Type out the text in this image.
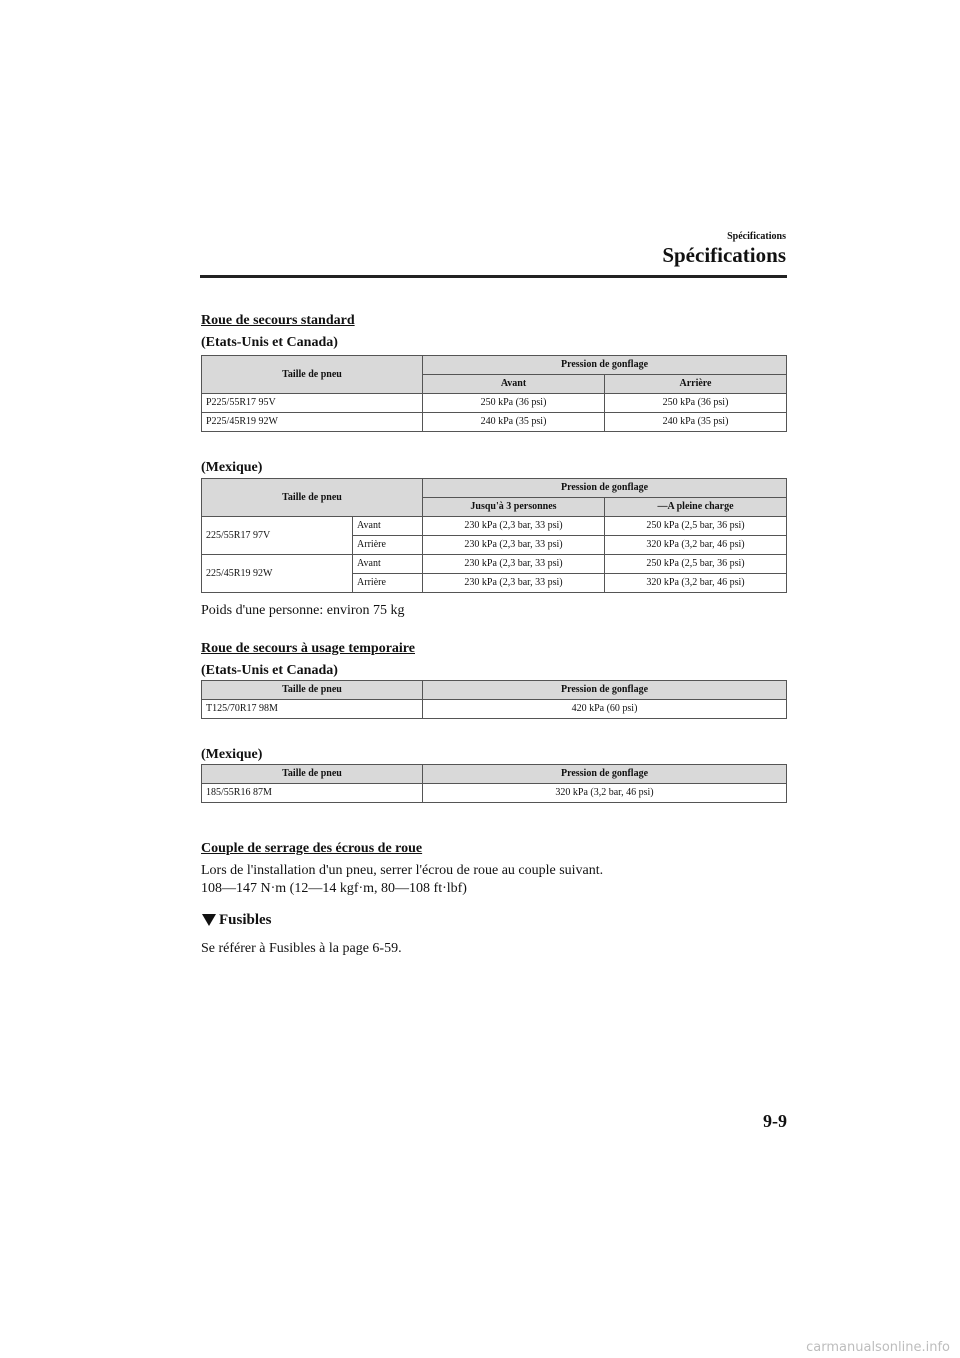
Spécifications
Spécifications

Roue de secours standard

(Etats-Unis et Canada)

Taille de pneu	Pression de gonflage	
	Avant	Arrière
P225/55R17 95V	250 kPa (36 psi)	250 kPa (36 psi)
P225/45R19 92W	240 kPa (35 psi)	240 kPa (35 psi)

(Mexique)

Taille de pneu		Pression de gonflage	
		Jusqu'à 3 personnes	—A pleine charge
225/55R17 97V	Avant	230 kPa (2,3 bar, 33 psi)	250 kPa (2,5 bar, 36 psi)
	Arrière	230 kPa (2,3 bar, 33 psi)	320 kPa (3,2 bar, 46 psi)
225/45R19 92W	Avant	230 kPa (2,3 bar, 33 psi)	250 kPa (2,5 bar, 36 psi)
	Arrière	230 kPa (2,3 bar, 33 psi)	320 kPa (3,2 bar, 46 psi)

Poids d'une personne: environ 75 kg

Roue de secours à usage temporaire

(Etats-Unis et Canada)

Taille de pneu	Pression de gonflage
T125/70R17 98M	420 kPa (60 psi)

(Mexique)

Taille de pneu	Pression de gonflage
185/55R16 87M	320 kPa (3,2 bar, 46 psi)

Couple de serrage des écrous de roue

Lors de l'installation d'un pneu, serrer l'écrou de roue au couple suivant.

108—147 N·m (12—14 kgf·m, 80—108 ft·lbf)

Fusibles

Se référer à Fusibles à la page 6-59.

9-9
carmanualsonline.info
